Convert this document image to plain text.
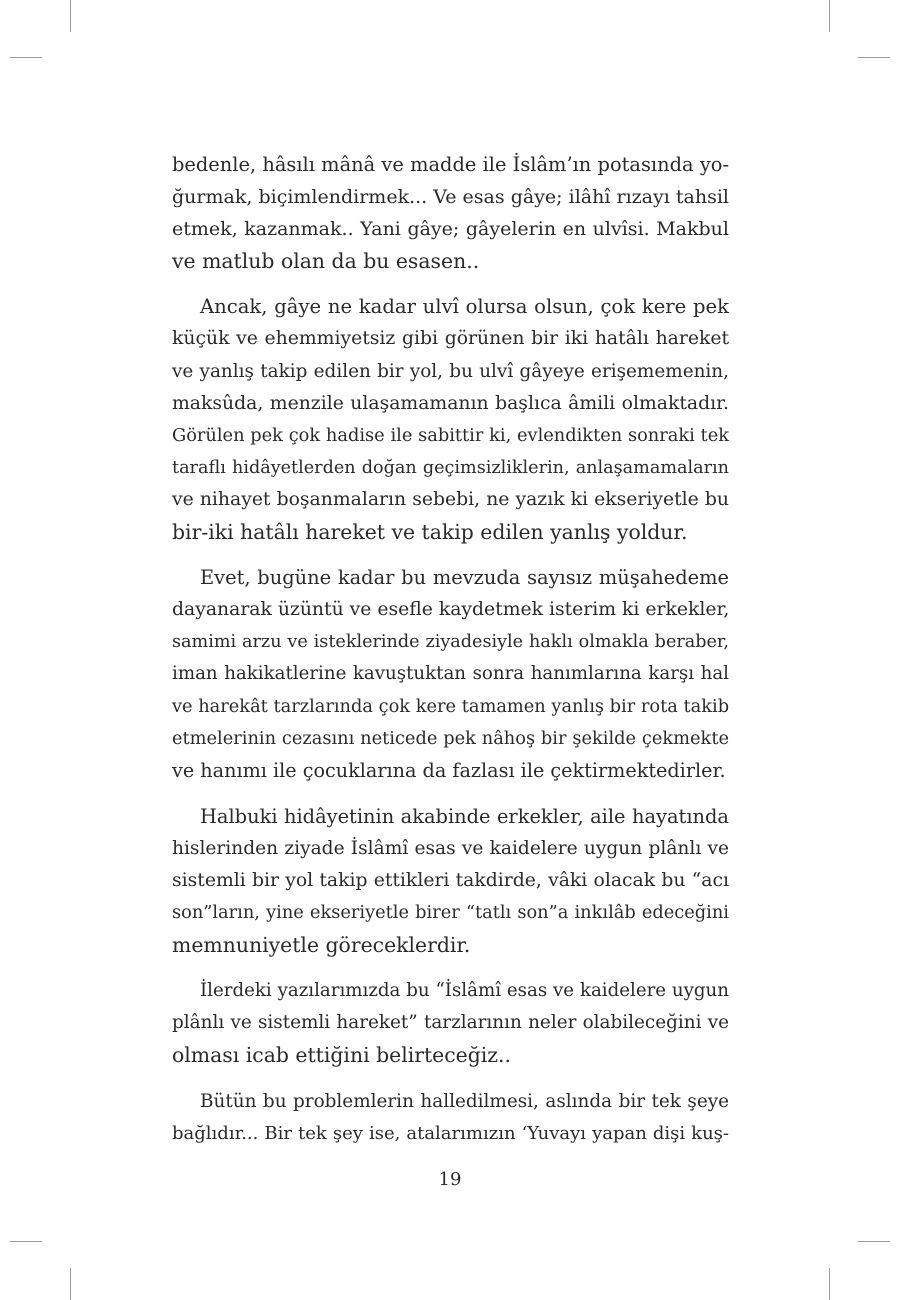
bedenle, hâsılı mânâ ve madde ile İslâm’ın potasında yo-
ğurmak, biçimlendirmek... Ve esas gâye; ilâhî rızayı tahsil
etmek, kazanmak.. Yani gâye; gâyelerin en ulvîsi. Makbul
ve matlub olan da bu esasen..

Ancak, gâye ne kadar ulvî olursa olsun, çok kere pek
küçük ve ehemmiyetsiz gibi görünen bir iki hatâlı hareket
ve yanlış takip edilen bir yol, bu ulvî gâyeye erişememenin,
maksûda, menzile ulaşamamanın başlıca âmili olmaktadır.
Görülen pek çok hadise ile sabittir ki, evlendikten sonraki tek
taraflı hidâyetlerden doğan geçimsizliklerin, anlaşamamaların
ve nihayet boşanmaların sebebi, ne yazık ki ekseriyetle bu
bir-iki hatâlı hareket ve takip edilen yanlış yoldur.

Evet, bugüne kadar bu mevzuda sayısız müşahedeme
dayanarak üzüntü ve esefle kaydetmek isterim ki erkekler,
samimi arzu ve isteklerinde ziyadesiyle haklı olmakla beraber,
iman hakikatlerine kavuştuktan sonra hanımlarına karşı hal
ve harekât tarzlarında çok kere tamamen yanlış bir rota takib
etmelerinin cezasını neticede pek nâhoş bir şekilde çekmekte
ve hanımı ile çocuklarına da fazlası ile çektirmektedirler.

Halbuki hidâyetinin akabinde erkekler, aile hayatında
hislerinden ziyade İslâmî esas ve kaidelere uygun plânlı ve
sistemli bir yol takip ettikleri takdirde, vâki olacak bu “acı
son”ların, yine ekseriyetle birer “tatlı son”a inkılâb edeceğini
memnuniyetle göreceklerdir.

İlerdeki yazılarımızda bu “İslâmî esas ve kaidelere uygun
plânlı ve sistemli hareket” tarzlarının neler olabileceğini ve
olması icab ettiğini belirteceğiz..

Bütün bu problemlerin halledilmesi, aslında bir tek şeye
bağlıdır... Bir tek şey ise, atalarımızın ‘Yuvayı yapan dişi kuş-

19
